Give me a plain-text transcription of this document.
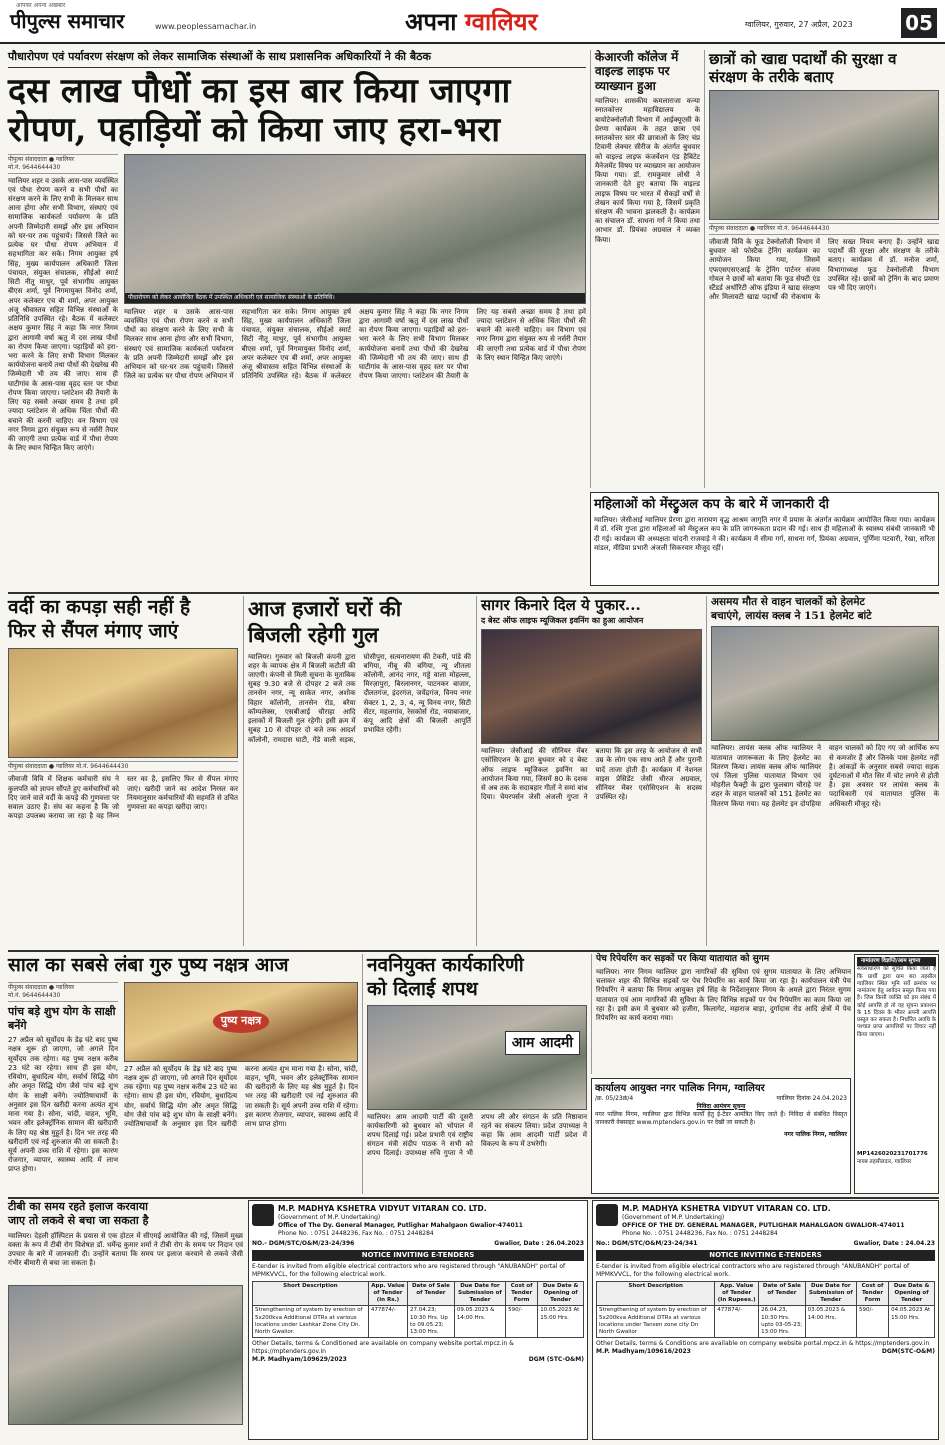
आपका अपना अखबार
पीपुल्स समाचार	www.peoplessamachar.in	अपना ग्वालियर	ग्वालियर, गुरुवार, 27 अप्रैल, 2023	05
पौधारोपण एवं पर्यावरण संरक्षण को लेकर सामाजिक संस्थाओं के साथ प्रशासनिक अधिकारियों ने की बैठक
दस लाख पौधों का इस बार किया जाएगा
रोपण, पहाड़ियों को किया जाए हरा-भरा
पीपुल्स संवाददाता ● ग्वालियर
मो.नं. 9644644430
ग्वालियर शहर व उसके आस-पास व्यवस्थित एवं पौधा रोपण करने व सभी पौधों का संरक्षण करने के लिए सभी के मिलकर साथ आना होगा और सभी विभाग, संस्थाएं एवं सामाजिक कार्यकर्ता पर्यावरण के प्रति अपनी जिम्मेदारी समझें और इस अभियान को घर-घर तक पहुंचायें। जिससे जिले का प्रत्येक घर पौधा रोपण अभियान में सहभागिता कर सके। निगम आयुक्त हर्ष सिंह, मुख्य कार्यपालन अधिकारी जिला पंचायत, संयुक्त संचालक, सीईओ स्मार्ट सिटी नीतू माथुर, पूर्व संभागीय आयुक्त बीएस शर्मा, पूर्व निगमायुक्त विनोद शर्मा, अपर कलेक्टर एच बी शर्मा, अपर आयुक्त अंजू श्रीवास्तव सहित विभिन्न संस्थाओं के प्रतिनिधि उपस्थित रहे। बैठक में कलेक्टर अक्षय कुमार सिंह ने कहा कि नगर निगम द्वारा आगामी वर्षा ऋतु में दस लाख पौधों का रोपण किया जाएगा। पहाड़ियों को हरा-भरा करने के लिए सभी विभाग मिलकर कार्ययोजना बनायें तथा पौधों की देखरेख की जिम्मेदारी भी तय की जाए। साथ ही घाटीगांव के आस-पास वृहद स्तर पर पौधा रोपण किया जाएगा। प्लांटेशन की तैयारी के लिए यह सबसे अच्छा समय है तथा हमें ज्यादा प्लांटेशन से अधिक चिंता पौधों की बचाने की करनी चाहिए। वन विभाग एवं नगर निगम द्वारा संयुक्त रूप से नर्सरी तैयार की जाएगी तथा प्रत्येक वार्ड में पौधा रोपण के लिए स्थान चिन्हित किए जाएंगे।
पौधारोपण को लेकर आयोजित बैठक में उपस्थित अधिकारी एवं सामाजिक संस्थाओं के प्रतिनिधि।
ग्वालियर शहर व उसके आस-पास व्यवस्थित एवं पौधा रोपण करने व सभी पौधों का संरक्षण करने के लिए सभी के मिलकर साथ आना होगा और सभी विभाग, संस्थाएं एवं सामाजिक कार्यकर्ता पर्यावरण के प्रति अपनी जिम्मेदारी समझें और इस अभियान को घर-घर तक पहुंचायें। जिससे जिले का प्रत्येक घर पौधा रोपण अभियान में सहभागिता कर सके। निगम आयुक्त हर्ष सिंह, मुख्य कार्यपालन अधिकारी जिला पंचायत, संयुक्त संचालक, सीईओ स्मार्ट सिटी नीतू माथुर, पूर्व संभागीय आयुक्त बीएस शर्मा, पूर्व निगमायुक्त विनोद शर्मा, अपर कलेक्टर एच बी शर्मा, अपर आयुक्त अंजू श्रीवास्तव सहित विभिन्न संस्थाओं के प्रतिनिधि उपस्थित रहे। बैठक में कलेक्टर अक्षय कुमार सिंह ने कहा कि नगर निगम द्वारा आगामी वर्षा ऋतु में दस लाख पौधों का रोपण किया जाएगा। पहाड़ियों को हरा-भरा करने के लिए सभी विभाग मिलकर कार्ययोजना बनायें तथा पौधों की देखरेख की जिम्मेदारी भी तय की जाए। साथ ही घाटीगांव के आस-पास वृहद स्तर पर पौधा रोपण किया जाएगा। प्लांटेशन की तैयारी के लिए यह सबसे अच्छा समय है तथा हमें ज्यादा प्लांटेशन से अधिक चिंता पौधों की बचाने की करनी चाहिए। वन विभाग एवं नगर निगम द्वारा संयुक्त रूप से नर्सरी तैयार की जाएगी तथा प्रत्येक वार्ड में पौधा रोपण के लिए स्थान चिन्हित किए जाएंगे।
केआरजी कॉलेज में वाइल्ड लाइफ पर व्याख्यान हुआ
ग्वालियर। शासकीय कमलाराजा कन्या स्नातकोत्तर महाविद्यालय के बायोटेक्नोलॉजी विभाग में आईक्यूएसी के प्रेरणा कार्यक्रम के तहत छात्रा एवं स्नातकोत्तर स्तर की छात्राओं के लिए चंप्र टिवानी लेक्चर सीरीज के अंतर्गत बुधवार को वाइल्ड लाइफ कंजर्वेशन एंड हैबिटेट मैनेजमेंट विषय पर व्याख्यान का आयोजन किया गया। डॉ. रामकुमार लोधी ने जानकारी देते हुए बताया कि वाइल्ड लाइफ विषय पर भारत में सैकड़ों वर्षों से लेखन कार्य किया गया है, जिसमें प्रकृति संरक्षण की भावना झलकती है। कार्यक्रम का संचालन डॉ. साधना गर्ग ने किया तथा आभार डॉ. प्रियंका अग्रवाल ने व्यक्त किया।
छात्रों को खाद्य पदार्थों की सुरक्षा व संरक्षण के तरीके बताए
पीपुल्स संवाददाता ● ग्वालियर मो.नं. 9644644430
जीवाजी विवि के फूड टेक्नोलॉजी विभाग में बुधवार को फोस्टैक ट्रेनिंग कार्यक्रम का आयोजन किया गया, जिसमें एफएसएसएआई के ट्रेनिंग पार्टनर संजय गोयल ने छात्रों को बताया कि फूड सेफ्टी एंड स्टैंडर्ड अथॉरिटी ऑफ इंडिया ने खाद्य संरक्षण और मिलावटी खाद्य पदार्थों की रोकथाम के लिए सख्त नियम बनाए हैं। उन्होंने खाद्य पदार्थों की सुरक्षा और संरक्षण के तरीके बताए। कार्यक्रम में डॉ. मनोज शर्मा, विभागाध्यक्ष फूड टेक्नोलॉजी विभाग उपस्थित रहे। छात्रों को ट्रेनिंग के बाद प्रमाण पत्र भी दिए जाएंगे।
महिलाओं को मेंस्ट्रुअल कप के बारे में जानकारी दी
ग्वालियर। जेसीआई ग्वालियर प्रेरणा द्वारा नारायण वृद्ध आश्रम जागृति नगर में प्रयास के अंतर्गत कार्यक्रम आयोजित किया गया। कार्यक्रम में डॉ. रश्मि गुप्ता द्वारा महिलाओं को मेंस्ट्रुअल कप के प्रति जागरूकता प्रदान की गई। साथ ही महिलाओं के स्वास्थ्य संबंधी जानकारी भी दी गई। कार्यक्रम की अध्यक्षता चांदनी राजवाड़े ने की। कार्यक्रम में सीमा गर्ग, साधना गर्ग, प्रियंका अग्रवाल, पूर्णिमा पटवारी, रेखा, सरिता मांडल, मीडिया प्रभारी अंजली सिकरवार मौजूद रहीं।
वर्दी का कपड़ा सही नहीं है
फिर से सैंपल मंगाए जाएं
पीपुल्स संवाददाता ● ग्वालियर मो.नं. 9644644430
जीवाजी विवि में शिक्षक कर्मचारी संघ ने कुलपति को ज्ञापन सौंपते हुए कर्मचारियों को दिए जाने वाले वर्दी के कपड़े की गुणवत्ता पर सवाल उठाए हैं। संघ का कहना है कि जो कपड़ा उपलब्ध कराया जा रहा है वह निम्न स्तर का है, इसलिए फिर से सैंपल मंगाए जाएं। खरीदी जाने का आदेश निरस्त कर नियमानुसार कर्मचारियों की सहमति से उचित गुणवत्ता का कपड़ा खरीदा जाए।
आज हजारों घरों की
बिजली रहेगी गुल
ग्वालियर। गुरुवार को बिजली कंपनी द्वारा शहर के व्यापक क्षेत्र में बिजली कटौती की जाएगी। कंपनी से मिली सूचना के मुताबिक सुबह 9.30 बजे से दोपहर 2 बजे तक तानसेन नगर, न्यू साकेत नगर, अशोक विहार कॉलोनी, तानसेन रोड, बरैया कॉम्पलेक्स, एसबीआई चौराहा आदि इलाकों में बिजली गुल रहेगी। इसी क्रम में सुबह 10 से दोपहर दो बजे तक आदर्श कॉलोनी, रामदास घाटी, गेंडे वाली सड़क, घोसीपुरा, सत्यनारायण की टेकरी, पांडे की बगिया, नीबू की बगिया, न्यू शीतला कॉलोनी, आनंद नगर, गड्डे वाला मोहल्ला, मिरज़ापुरा, बिरलानगर, पाटनकर बाजार, दौलतगंज, इंदरगंज, जयेंद्रगंज, विनय नगर सेक्टर 1, 2, 3, 4, न्यू विनय नगर, सिटी सेंटर, महलगांव, रेसकोर्स रोड, नयाबाजार, कंपू आदि क्षेत्रों की बिजली आपूर्ति प्रभावित रहेगी।
सागर किनारे दिल ये पुकार...
द बेस्ट ऑफ लाइफ म्यूजिकल इवनिंग का हुआ आयोजन
ग्वालियर। जेसीआई की सीनियर मेंबर एसोसिएशन के द्वारा बुधवार को द बेस्ट ऑफ लाइफ म्यूजिकल इवनिंग का आयोजन किया गया, जिसमें 80 के दशक से अब तक के सदाबहार गीतों ने समां बांध दिया। चेयरपर्सन जेसी अंजली गुप्ता ने बताया कि इस तरह के आयोजन से सभी उम्र के लोग एक साथ आते हैं और पुरानी यादें ताजा होती हैं। कार्यक्रम में नेशनल वाइस प्रेसिडेंट जेसी धीरज अग्रवाल, सीनियर मेंबर एसोसिएशन के सदस्य उपस्थित रहे।
असमय मौत से वाहन चालकों को हेलमेट
बचाएंगे, लायंस क्लब ने 151 हेलमेट बांटे
ग्वालियर। लायंस क्लब ऑफ ग्वालियर ने यातायात जागरूकता के लिए हेलमेट का वितरण किया। लायंस क्लब ऑफ ग्वालियर एवं जिला पुलिस यातायात विभाग एवं मोहरील फैक्ट्री के द्वारा फूलबाग चौराहे पर शहर के वाहन चालकों को 151 हेलमेट का वितरण किया गया। यह हेलमेट इन दोपहिया वाहन चालकों को दिए गए जो आर्थिक रूप से कमजोर हैं और जिनके पास हेलमेट नहीं है। आंकड़ों के अनुसार सबसे ज्यादा सड़क दुर्घटनाओं में मौत सिर में चोट लगने से होती है। इस अवसर पर लायंस क्लब के पदाधिकारी एवं यातायात पुलिस के अधिकारी मौजूद रहे।
साल का सबसे लंबा गुरु पुष्य नक्षत्र आज
पीपुल्स संवाददाता ● ग्वालियर
मो.नं. 9644644430
पांच बड़े शुभ योग के साक्षी बनेंगे
27 अप्रैल को सूर्योदय के डेढ़ घंटे बाद पुष्य नक्षत्र शुरू हो जाएगा, जो अगले दिन सूर्योदय तक रहेगा। यह पुष्य नक्षत्र करीब 23 घंटे का रहेगा। साथ ही इस योग, रवियोग, बुधादित्य योग, सर्वार्थ सिद्धि योग और अमृत सिद्धि योग जैसे पांच बड़े शुभ योग के साक्षी बनेंगे। ज्योतिषाचार्यों के अनुसार इस दिन खरीदी करना अत्यंत शुभ माना गया है। सोना, चांदी, वाहन, भूमि, भवन और इलेक्ट्रॉनिक सामान की खरीदारी के लिए यह श्रेष्ठ मुहूर्त है। दिन भर तरह की खरीदारी एवं नई शुरुआत की जा सकती है। सूर्य अपनी उच्च राशि में रहेगा। इस कारण रोजगार, व्यापार, स्वास्थ्य आदि में लाभ प्राप्त होगा।
पुष्य नक्षत्र
27 अप्रैल को सूर्योदय के डेढ़ घंटे बाद पुष्य नक्षत्र शुरू हो जाएगा, जो अगले दिन सूर्योदय तक रहेगा। यह पुष्य नक्षत्र करीब 23 घंटे का रहेगा। साथ ही इस योग, रवियोग, बुधादित्य योग, सर्वार्थ सिद्धि योग और अमृत सिद्धि योग जैसे पांच बड़े शुभ योग के साक्षी बनेंगे। ज्योतिषाचार्यों के अनुसार इस दिन खरीदी करना अत्यंत शुभ माना गया है। सोना, चांदी, वाहन, भूमि, भवन और इलेक्ट्रॉनिक सामान की खरीदारी के लिए यह श्रेष्ठ मुहूर्त है। दिन भर तरह की खरीदारी एवं नई शुरुआत की जा सकती है। सूर्य अपनी उच्च राशि में रहेगा। इस कारण रोजगार, व्यापार, स्वास्थ्य आदि में लाभ प्राप्त होगा।
नवनियुक्त कार्यकारिणी
को दिलाई शपथ
आम आदमी
ग्वालियर। आम आदमी पार्टी की दूसरी कार्यकारिणी को बुधवार को भोपाल में शपथ दिलाई गई। प्रदेश प्रभारी एवं राष्ट्रीय संगठन मंत्री संदीप पाठक ने सभी को शपथ दिलाई। उपाध्यक्ष रुचि गुप्ता ने भी शपथ ली और संगठन के प्रति निष्ठावान रहने का संकल्प लिया। प्रदेश उपाध्यक्ष ने कहा कि आम आदमी पार्टी प्रदेश में विकल्प के रूप में उभरेगी।
पेच रिपेयरिंग कर सड़कों पर किया यातायात को सुगम
ग्वालियर। नगर निगम ग्वालियर द्वारा नागरिकों की सुविधा एवं सुगम यातायात के लिए अभियान चलाकर शहर की विभिन्न सड़कों पर पेच रिपेयरिंग का कार्य किया जा रहा है। कार्यपालन यंत्री पेच रिपेयरिंग ने बताया कि निगम आयुक्त हर्ष सिंह के निर्देशानुसार निगम के अमले द्वारा निरंतर सुगम यातायात एवं आम नागरिकों की सुविधा के लिए विभिन्न सड़कों पर पेच रिपेयरिंग का काम किया जा रहा है। इसी क्रम में बुधवार को हजीरा, किलागेट, महाराज बाड़ा, दुर्गादास रोड आदि क्षेत्रों में पेच रिपेयरिंग का कार्य कराया गया।
नामांतरण विज्ञप्ति/आम सूचना
सर्वसाधारण को सूचित किया जाता है कि प्रार्थी द्वारा ग्राम बरा तहसील ग्वालियर स्थित भूमि सर्वे क्रमांक पर नामांतरण हेतु आवेदन प्रस्तुत किया गया है। जिस किसी व्यक्ति को इस संबंध में कोई आपत्ति हो तो वह सूचना प्रकाशन के 15 दिवस के भीतर अपनी आपत्ति प्रस्तुत कर सकता है। निर्धारित अवधि के पश्चात प्राप्त आपत्तियों पर विचार नहीं किया जाएगा।
MP1426020231701776
नायब तहसीलदार, ग्वालियर
कार्यालय आयुक्त नगर पालिक निगम, ग्वालियर
/क्र. 05/23क्रं/4	ग्वालियर दिनांक 24.04.2023
निविदा आमंत्रण सूचना
नगर पालिक निगम, ग्वालियर द्वारा विभिन्न कार्यों हेतु ई-टेंडर आमंत्रित किए जाते हैं। निविदा से संबंधित विस्तृत जानकारी वेबसाइट www.mptenders.gov.in पर देखी जा सकती है।
नगर पालिक निगम, ग्वालियर
टीबी का समय रहते इलाज करवाया
जाए तो लकवे से बचा जा सकता है
ग्वालियर। देहली हॉस्पिटल के प्रयास से एक होटल में सीएमई आयोजित की गई, जिसमें मुख्य वक्ता के रूप में टीबी रोग विशेषज्ञ डॉ. धर्मेन्द्र कुमार शर्मा ने टीबी रोग के समय पर निदान एवं उपचार के बारे में जानकारी दी। उन्होंने बताया कि समय पर इलाज करवाने से लकवे जैसी गंभीर बीमारी से बचा जा सकता है।
M.P. MADHYA KSHETRA VIDYUT VITARAN CO. LTD.
(Government of M.P. Undertaking)
Office of The Dy. General Manager, Putlighar Mahalgaon Gwalior-474011
Phone No. : 0751 2448236, Fax No. : 0751 2448284
NO.- DGM/STC/O&M/23-24/396	Gwalior, Date : 26.04.2023
NOTICE INVITING E-TENDERS
E-tender is invited from eligible electrical contractors who are registered through "ANUBANDH" portal of MPMKVVCL, for the following electrical work.
Short Description	App. Value of Tender (in Rs.)	Date of Sale of Tender	Due Date for Submission of Tender	Cost of Tender Form	Due Date & Opening of Tender
Strengthening of system by erection of 5x200kva Additional DTRs at various locations under Lashkar Zone City Dn. North Gwalior.	477874/-	27.04.23; 10:30 Hrs. Up to 09.05.23; 13:00 Hrs.	09.05.2023 & 14:00 Hrs.	590/-	10.05.2023 At 15:00 Hrs.
Other Details, terms & Conditioned are available on company website portal.mpcz.in & https://mptenders.gov.in
M.P. Madhyam/109629/2023	DGM (STC-O&M)
M.P. MADHYA KSHETRA VIDYUT VITARAN CO. LTD.
(Government of M.P. Undertaking)
OFFICE OF THE DY. GENERAL MANAGER, PUTLIGHAR MAHALGAON GWALIOR-474011
Phone No. : 0751 2448236, Fax No. : 0751 2448284
No.: DGM/STC/O&M/23-24/341	Gwalior, Date : 24.04.23
NOTICE INVITING E-TENDERS
E-tender is invited from eligible electrical contractors who are registered through "ANUBANDH" portal of MPMKVVCL, for the following electrical work.
Short Description	App. Value of Tender (In Rupees.)	Date of Sale of Tender	Due Date for Submission of Tender	Cost of Tender Form	Due Date & Opening of Tender
Strengthening of system by erection of 5x200kva Additional DTRs at various locations under Tansen zone city Dn North Gwalior	477874/-	26.04.23, 10:30 Hrs. upto 03-05-23; 13:00 Hrs.	03.05.2023 & 14:00 Hrs.	590/-	04.05.2023 At 15:00 Hrs.
Other Details, terms & Conditions are available on company website portal.mpcz.in & https://mptenders.gov.in
M.P. Madhyam/109616/2023	DGM(STC-O&M)
